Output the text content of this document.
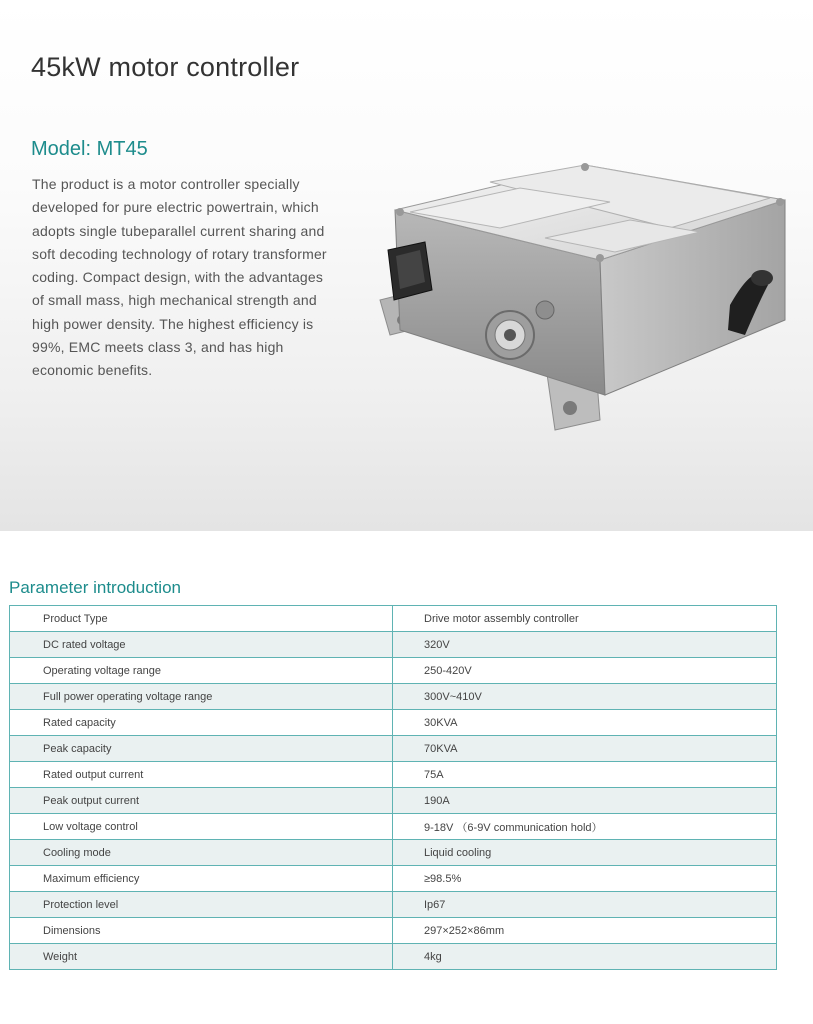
45kW motor controller
Model: MT45

The product is a motor controller specially developed for pure electric powertrain, which adopts single tubeparallel current sharing and soft decoding technology of rotary transformer coding. Compact design, with the advantages of small mass, high mechanical strength and high power density. The highest efficiency is 99%, EMC meets class 3, and has high economic benefits.

Parameter introduction
Product Type	Drive motor assembly controller
DC rated voltage	320V
Operating voltage range	250-420V
Full power operating voltage range	300V~410V
Rated capacity	30KVA
Peak capacity	70KVA
Rated output current	75A
Peak output current	190A
Low voltage control	9-18V （6-9V communication hold）
Cooling mode	Liquid cooling
Maximum efficiency	≥98.5%
Protection level	Ip67
Dimensions	297×252×86mm
Weight	4kg
